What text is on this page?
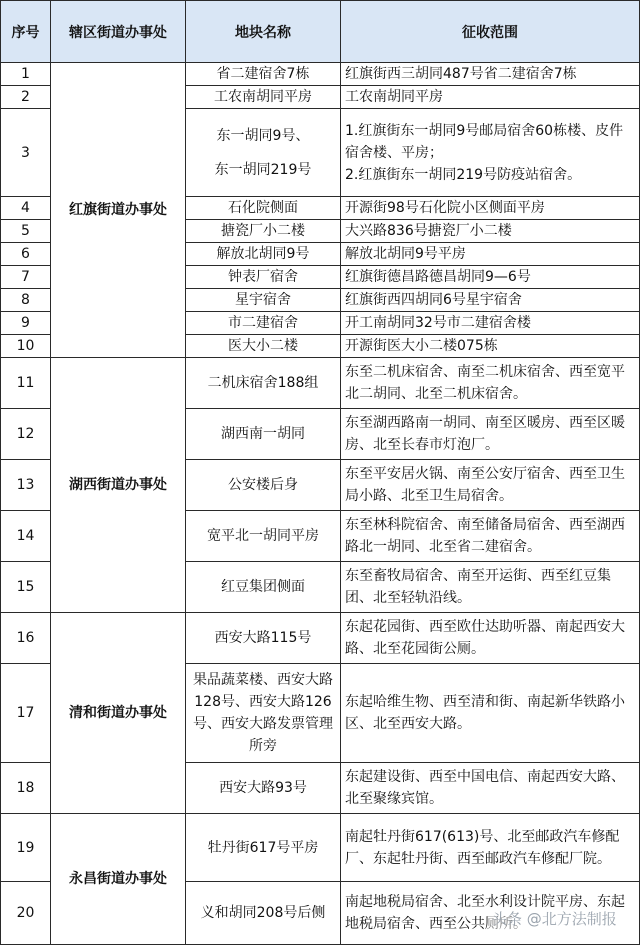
序号	辖区街道办事处	地块名称	征收范围
1	红旗街道办事处	省二建宿舍7栋	红旗街西三胡同487号省二建宿舍7栋

2		工农南胡同平房	工农南胡同平房

3		东一胡同9号、
东一胡同219号	1.红旗街东一胡同9号邮局宿舍60栋楼、皮件宿舍楼、平房；
2.红旗街东一胡同219号防疫站宿舍。

4		石化院侧面	开源街98号石化院小区侧面平房

5		搪瓷厂小二楼	大兴路836号搪瓷厂小二楼

6		解放北胡同9号	解放北胡同9号平房

7		钟表厂宿舍	红旗街德昌路德昌胡同9—6号

8		星宇宿舍	红旗街西四胡同6号星宇宿舍

9		市二建宿舍	开工南胡同32号市二建宿舍楼

10		医大小二楼	开源街医大小二楼075栋

11	湖西街道办事处	二机床宿舍188组	东至二机床宿舍、南至二机床宿舍、西至宽平北二胡同、北至二机床宿舍。

12		湖西南一胡同	东至湖西路南一胡同、南至区暖房、西至区暖房、北至长春市灯泡厂。

13		公安楼后身	东至平安居火锅、南至公安厅宿舍、西至卫生局小路、北至卫生局宿舍。

14		宽平北一胡同平房	东至林科院宿舍、南至储备局宿舍、西至湖西路北一胡同、北至省二建宿舍。

15		红豆集团侧面	东至畜牧局宿舍、南至开运街、西至红豆集团、北至轻轨沿线。

16	清和街道办事处	西安大路115号	东起花园街、西至欧仕达助听器、南起西安大路、北至花园街公厕。

17		果品蔬菜楼、西安大路128号、西安大路126号、西安大路发票管理所旁	东起哈维生物、西至清和街、南起新华铁路小区、北至西安大路。

18		西安大路93号	东起建设街、西至中国电信、南起西安大路、北至聚缘宾馆。

19	永昌街道办事处	牡丹街617号平房	南起牡丹街617(613)号、北至邮政汽车修配厂、东起牡丹街、西至邮政汽车修配厂院。

20		义和胡同208号后侧	南起地税局宿舍、北至水利设计院平房、东起地税局宿舍、西至公共厕所。
头条 @北方法制报
